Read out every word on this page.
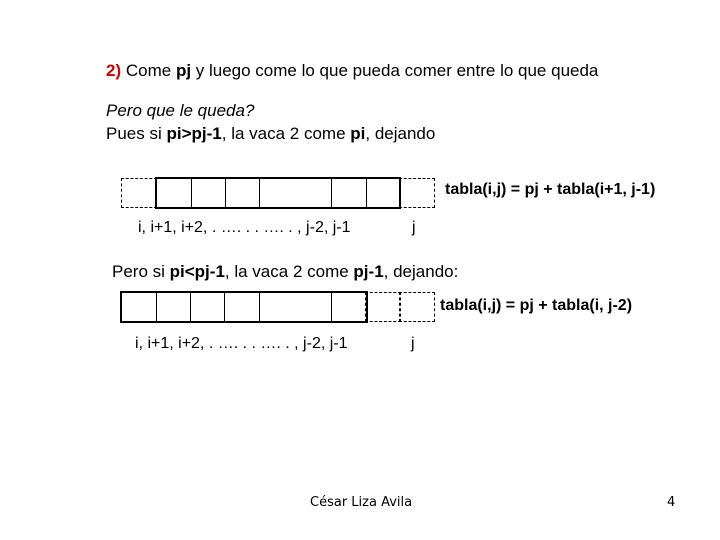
2) Come pj y luego come lo que pueda comer entre lo que queda
Pero que le queda?
Pues si pi>pj-1, la vaca 2 come pi, dejando
tabla(i,j) = pj + tabla(i+1, j-1)
i, i+1, i+2, . …. . . …. . , j-2, j-1	j
Pero si pi<pj-1, la vaca 2 come pj-1, dejando:
tabla(i,j) = pj + tabla(i, j-2)
i, i+1, i+2, . …. . . …. . , j-2, j-1	j
César Liza Avila	4
